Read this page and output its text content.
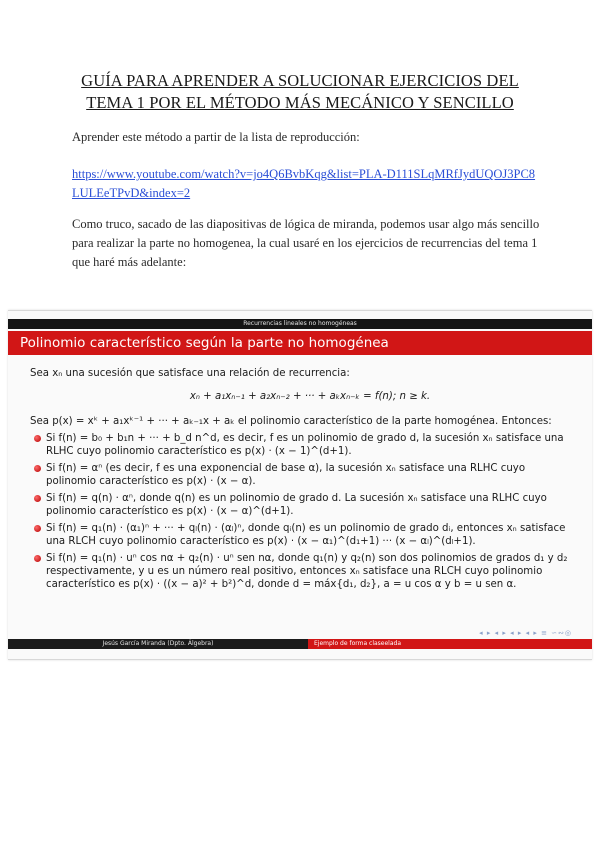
GUÍA PARA APRENDER A SOLUCIONAR EJERCICIOS DEL
TEMA 1 POR EL MÉTODO MÁS MECÁNICO Y SENCILLO
Aprender este método a partir de la lista de reproducción:
https://www.youtube.com/watch?v=jo4Q6BvbKqg&list=PLA-D111SLqMRfJydUQOJ3PC8LULEeTPvD&index=2
Como truco, sacado de las diapositivas de lógica de miranda, podemos usar algo más sencillo para realizar la parte no homogenea, la cual usaré en los ejercicios de recurrencias del tema 1 que haré más adelante:
Recurrencias lineales no homogéneas
Polinomio característico según la parte no homogénea

Sea xₙ una sucesión que satisface una relación de recurrencia:

xₙ + a₁xₙ₋₁ + a₂xₙ₋₂ + ··· + aₖxₙ₋ₖ = f(n); n ≥ k.

Sea p(x) = xᵏ + a₁xᵏ⁻¹ + ··· + aₖ₋₁x + aₖ el polinomio característico de la parte homogénea. Entonces:

Si f(n) = b₀ + b₁n + ··· + b_d n^d, es decir, f es un polinomio de grado d, la sucesión xₙ satisface una RLHC cuyo polinomio característico es p(x) · (x − 1)^(d+1).
Si f(n) = αⁿ (es decir, f es una exponencial de base α), la sucesión xₙ satisface una RLHC cuyo polinomio característico es p(x) · (x − α).
Si f(n) = q(n) · αⁿ, donde q(n) es un polinomio de grado d. La sucesión xₙ satisface una RLHC cuyo polinomio característico es p(x) · (x − α)^(d+1).
Si f(n) = q₁(n) · (α₁)ⁿ + ··· + qₗ(n) · (αₗ)ⁿ, donde qᵢ(n) es un polinomio de grado dᵢ, entonces xₙ satisface una RLCH cuyo polinomio característico es p(x) · (x − α₁)^(d₁+1) ··· (x − αₗ)^(dₗ+1).
Si f(n) = q₁(n) · uⁿ cos nα + q₂(n) · uⁿ sen nα, donde q₁(n) y q₂(n) son dos polinomios de grados d₁ y d₂ respectivamente, y u es un número real positivo, entonces xₙ satisface una RLCH cuyo polinomio característico es p(x) · ((x − a)² + b²)^d, donde d = máx{d₁, d₂}, a = u cos α y b = u sen α.
◂ ▸ ◂ ▸ ◂ ▸ ◂ ▸ ≡ ∽∾◎
Jesús García Miranda (Dpto. Álgebra)	Ejemplo de forma claseelada
